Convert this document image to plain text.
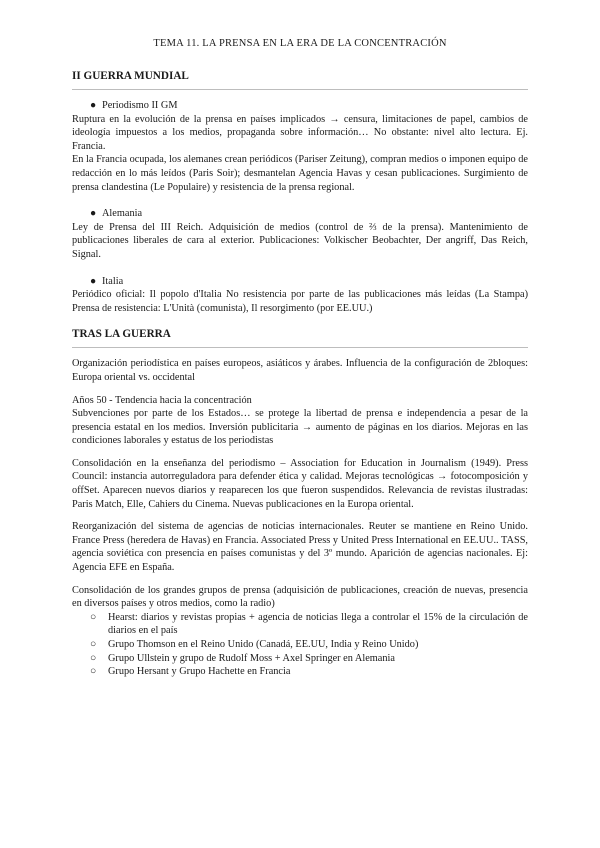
TEMA 11. LA PRENSA EN LA ERA DE LA CONCENTRACIÓN
II GUERRA MUNDIAL
● Periodismo II GM

Ruptura en la evolución de la prensa en países implicados → censura, limitaciones de papel, cambios de ideología impuestos a los medios, propaganda sobre información… No obstante: nivel alto lectura. Ej. Francia.

En la Francia ocupada, los alemanes crean periódicos (Pariser Zeitung), compran medios o imponen equipo de redacción en lo más leídos (Paris Soir); desmantelan Agencia Havas y cesan publicaciones. Surgimiento de prensa clandestina (Le Populaire) y resistencia de la prensa regional.

● Alemania

Ley de Prensa del III Reich. Adquisición de medios (control de ⅔ de la prensa). Mantenimiento de publicaciones liberales de cara al exterior. Publicaciones: Volkischer Beobachter, Der angriff, Das Reich, Signal.

● Italia

Periódico oficial: Il popolo d'Italia No resistencia por parte de las publicaciones más leídas (La Stampa) Prensa de resistencia: L'Unità (comunista), Il resorgimento (por EE.UU.)

TRAS LA GUERRA

Organización periodística en países europeos, asiáticos y árabes. Influencia de la configuración de 2bloques: Europa oriental vs. occidental

Años 50 - Tendencia hacia la concentración

Subvenciones por parte de los Estados… se protege la libertad de prensa e independencia a pesar de la presencia estatal en los medios. Inversión publicitaria → aumento de páginas en los diarios. Mejoras en las condiciones laborales y estatus de los periodistas

Consolidación en la enseñanza del periodismo – Association for Education in Journalism (1949). Press Council: instancia autorreguladora para defender ética y calidad. Mejoras tecnológicas → fotocomposición y offSet. Aparecen nuevos diarios y reaparecen los que fueron suspendidos. Relevancia de revistas ilustradas: Paris Match, Elle, Cahiers du Cinema. Nuevas publicaciones en la Europa oriental.

Reorganización del sistema de agencias de noticias internacionales. Reuter se mantiene en Reino Unido. France Press (heredera de Havas) en Francia. Associated Press y United Press International en EE.UU.. TASS, agencia soviética con presencia en países comunistas y del 3º mundo. Aparición de agencias nacionales. Ej: Agencia EFE en España.

Consolidación de los grandes grupos de prensa (adquisición de publicaciones, creación de nuevas, presencia en diversos países y otros medios, como la radio)

○ Hearst: diarios y revistas propias + agencia de noticias llega a controlar el 15% de la circulación de diarios en el país
○ Grupo Thomson en el Reino Unido (Canadá, EE.UU, India y Reino Unido)
○ Grupo Ullstein y grupo de Rudolf Moss + Axel Springer en Alemania
○ Grupo Hersant y Grupo Hachette en Francia
